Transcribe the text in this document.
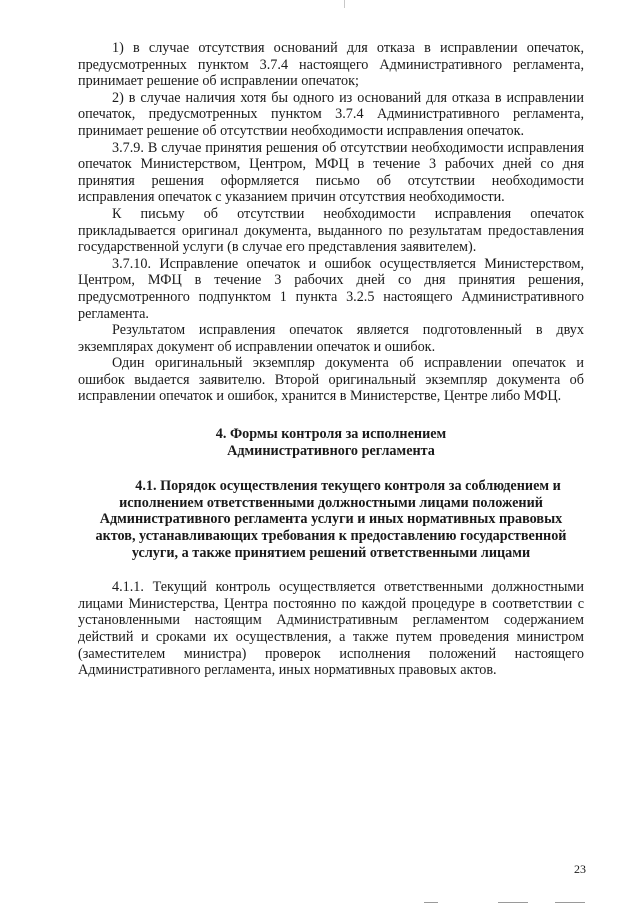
1) в случае отсутствия оснований для отказа в исправлении опечаток, предусмотренных пунктом 3.7.4 настоящего Административного регламента, принимает решение об исправлении опечаток;

2) в случае наличия хотя бы одного из оснований для отказа в исправлении опечаток, предусмотренных пунктом 3.7.4 Административного регламента, принимает решение об отсутствии необходимости исправления опечаток.

3.7.9. В случае принятия решения об отсутствии необходимости исправления опечаток Министерством, Центром, МФЦ в течение 3 рабочих дней со дня принятия решения оформляется письмо об отсутствии необходимости исправления опечаток с указанием причин отсутствия необходимости.

К письму об отсутствии необходимости исправления опечаток прикладывается оригинал документа, выданного по результатам предоставления государственной услуги (в случае его представления заявителем).

3.7.10. Исправление опечаток и ошибок осуществляется Министерством, Центром, МФЦ в течение 3 рабочих дней со дня принятия решения, предусмотренного подпунктом 1 пункта 3.2.5 настоящего Административного регламента.

Результатом исправления опечаток является подготовленный в двух экземплярах документ об исправлении опечаток и ошибок.

Один оригинальный экземпляр документа об исправлении опечаток и ошибок выдается заявителю. Второй оригинальный экземпляр документа об исправлении опечаток и ошибок, хранится в Министерстве, Центре либо МФЦ.

4. Формы контроля за исполнением
Административного регламента

4.1. Порядок осуществления текущего контроля за соблюдением и исполнением ответственными должностными лицами положений Административного регламента услуги и иных нормативных правовых актов, устанавливающих требования к предоставлению государственной услуги, а также принятием решений ответственными лицами

4.1.1. Текущий контроль осуществляется ответственными должностными лицами Министерства, Центра постоянно по каждой процедуре в соответствии с установленными настоящим Административным регламентом содержанием действий и сроками их осуществления, а также путем проведения министром (заместителем министра) проверок исполнения положений настоящего Административного регламента, иных нормативных правовых актов.

23
